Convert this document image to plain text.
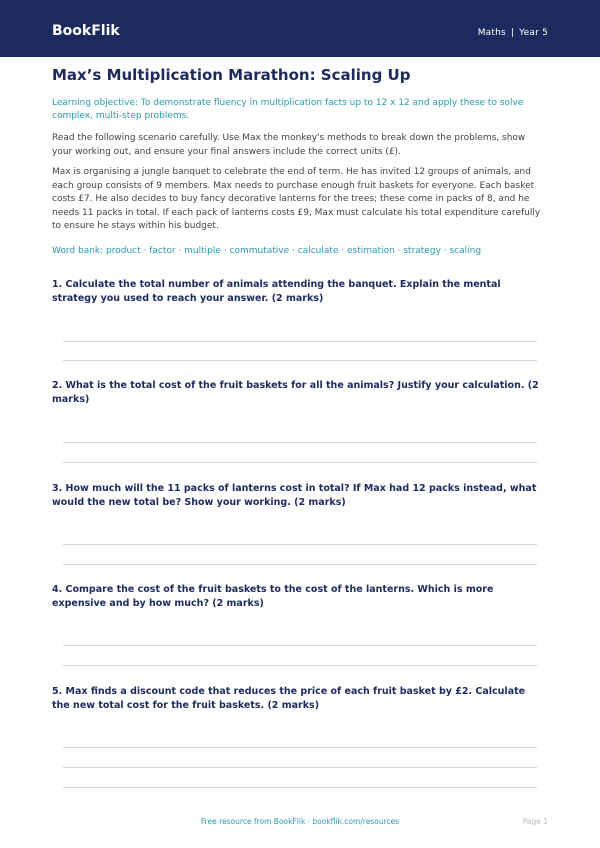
BookFlik	Maths | Year 5
Max’s Multiplication Marathon: Scaling Up

Learning objective: To demonstrate fluency in multiplication facts up to 12 x 12 and apply these to solve complex, multi-step problems.

Read the following scenario carefully. Use Max the monkey's methods to break down the problems, show your working out, and ensure your final answers include the correct units (£).

Max is organising a jungle banquet to celebrate the end of term. He has invited 12 groups of animals, and each group consists of 9 members. Max needs to purchase enough fruit baskets for everyone. Each basket costs £7. He also decides to buy fancy decorative lanterns for the trees; these come in packs of 8, and he needs 11 packs in total. If each pack of lanterns costs £9, Max must calculate his total expenditure carefully to ensure he stays within his budget.

Word bank: product · factor · multiple · commutative · calculate · estimation · strategy · scaling

1. Calculate the total number of animals attending the banquet. Explain the mental strategy you used to reach your answer. (2 marks)

2. What is the total cost of the fruit baskets for all the animals? Justify your calculation. (2 marks)

3. How much will the 11 packs of lanterns cost in total? If Max had 12 packs instead, what would the new total be? Show your working. (2 marks)

4. Compare the cost of the fruit baskets to the cost of the lanterns. Which is more expensive and by how much? (2 marks)

5. Max finds a discount code that reduces the price of each fruit basket by £2. Calculate the new total cost for the fruit baskets. (2 marks)

Free resource from BookFlik · bookflik.com/resources	Page 1
